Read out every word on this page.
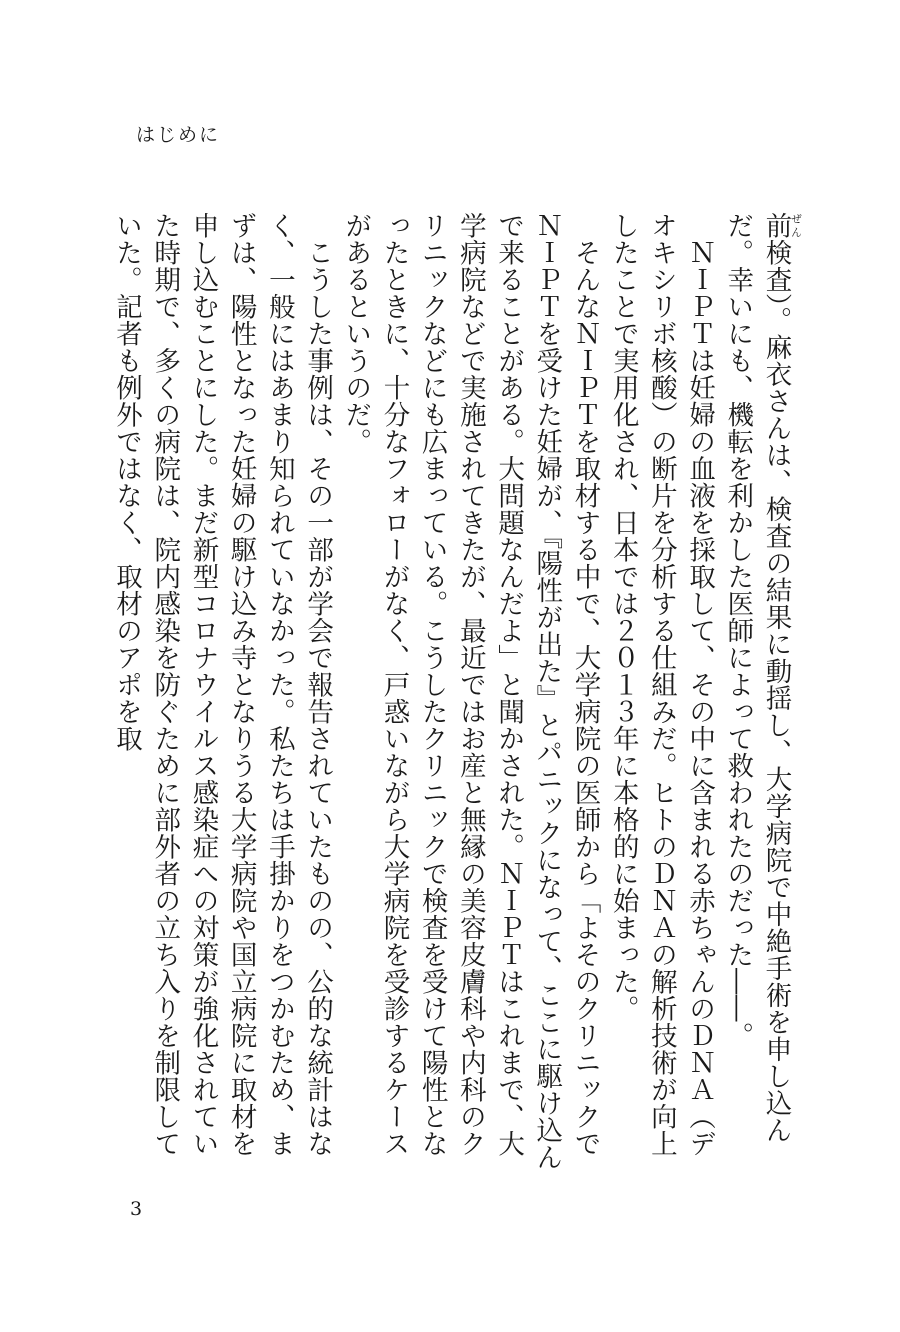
はじめに

前ぜん検査）。麻衣さんは、検査の結果に動揺し、大学病院で中絶手術を申し込んだ。幸いにも、機転を利かした医師によって救われたのだった――。

ＮＩＰＴは妊婦の血液を採取して、その中に含まれる赤ちゃんのＤＮＡ（デオキシリボ核酸）の断片を分析する仕組みだ。ヒトのＤＮＡの解析技術が向上したことで実用化され、日本では２０１３年に本格的に始まった。

そんなＮＩＰＴを取材する中で、大学病院の医師から「よそのクリニックでＮＩＰＴを受けた妊婦が、『陽性が出た』とパニックになって、ここに駆け込んで来ることがある。大問題なんだよ」と聞かされた。ＮＩＰＴはこれまで、大学病院などで実施されてきたが、最近ではお産と無縁の美容皮膚科や内科のクリニックなどにも広まっている。こうしたクリニックで検査を受けて陽性となったときに、十分なフォローがなく、戸惑いながら大学病院を受診するケースがあるというのだ。

こうした事例は、その一部が学会で報告されていたものの、公的な統計はなく、一般にはあまり知られていなかった。私たちは手掛かりをつかむため、まずは、陽性となった妊婦の駆け込み寺となりうる大学病院や国立病院に取材を申し込むことにした。まだ新型コロナウイルス感染症への対策が強化されていた時期で、多くの病院は、院内感染を防ぐために部外者の立ち入りを制限していた。記者も例外ではなく、取材のアポを取

3
